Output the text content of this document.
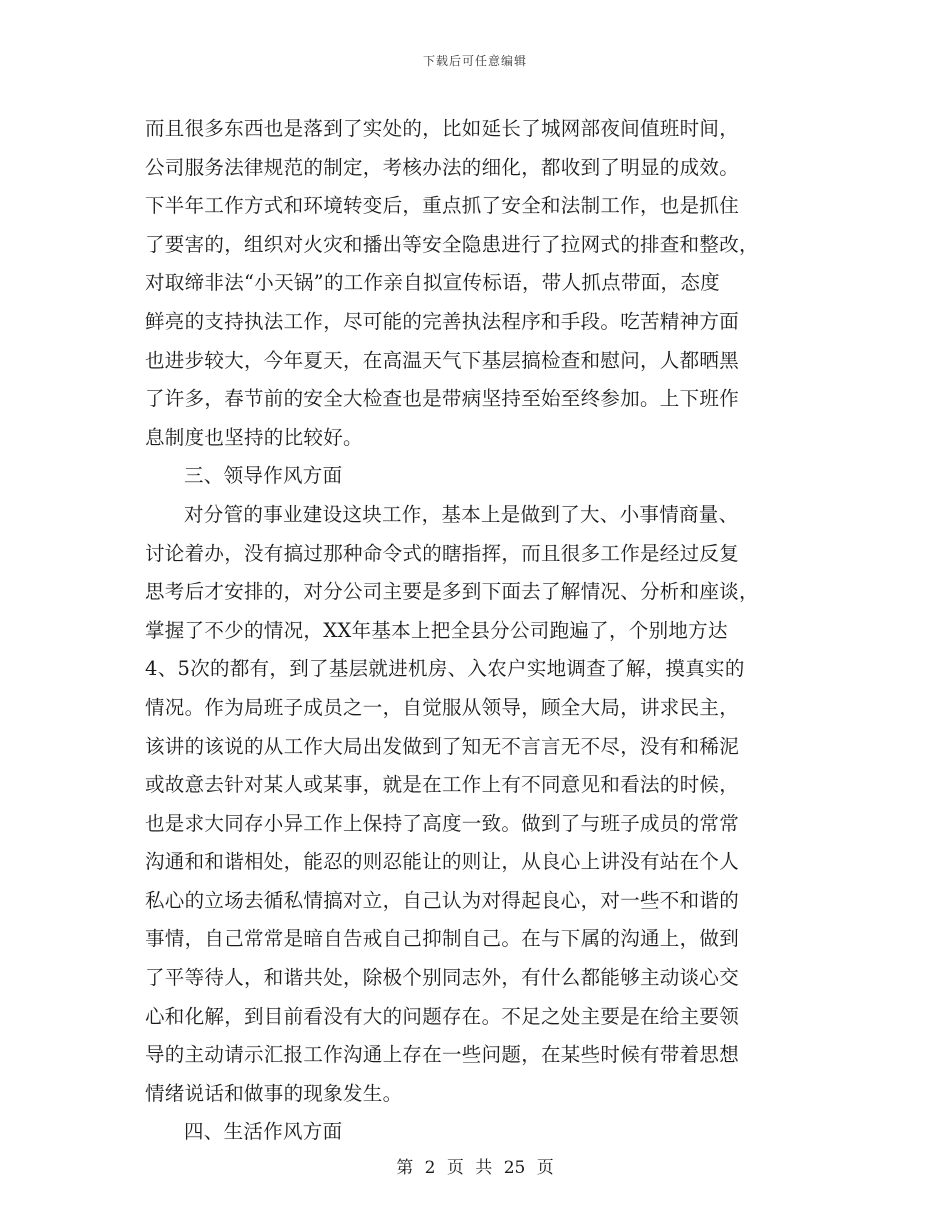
下载后可任意编辑
而且很多东西也是落到了实处的，比如延长了城网部夜间值班时间，
公司服务法律规范的制定，考核办法的细化，都收到了明显的成效。
下半年工作方式和环境转变后，重点抓了安全和法制工作，也是抓住
了要害的，组织对火灾和播出等安全隐患进行了拉网式的排查和整改，
对取缔非法“小天锅”的工作亲自拟宣传标语，带人抓点带面，态度
鲜亮的支持执法工作，尽可能的完善执法程序和手段。吃苦精神方面
也进步较大，今年夏天，在高温天气下基层搞检查和慰问，人都晒黑
了许多，春节前的安全大检查也是带病坚持至始至终参加。上下班作
息制度也坚持的比较好。
三、领导作风方面
对分管的事业建设这块工作，基本上是做到了大、小事情商量、
讨论着办，没有搞过那种命令式的瞎指挥，而且很多工作是经过反复
思考后才安排的，对分公司主要是多到下面去了解情况、分析和座谈，
掌握了不少的情况，XX年基本上把全县分公司跑遍了，个别地方达
4、5次的都有，到了基层就进机房、入农户实地调查了解，摸真实的
情况。作为局班子成员之一，自觉服从领导，顾全大局，讲求民主，
该讲的该说的从工作大局出发做到了知无不言言无不尽，没有和稀泥
或故意去针对某人或某事，就是在工作上有不同意见和看法的时候，
也是求大同存小异工作上保持了高度一致。做到了与班子成员的常常
沟通和和谐相处，能忍的则忍能让的则让，从良心上讲没有站在个人
私心的立场去循私情搞对立，自己认为对得起良心，对一些不和谐的
事情，自己常常是暗自告戒自己抑制自己。在与下属的沟通上，做到
了平等待人，和谐共处，除极个别同志外，有什么都能够主动谈心交
心和化解，到目前看没有大的问题存在。不足之处主要是在给主要领
导的主动请示汇报工作沟通上存在一些问题，在某些时候有带着思想
情绪说话和做事的现象发生。
四、生活作风方面
第 2 页 共 25 页
